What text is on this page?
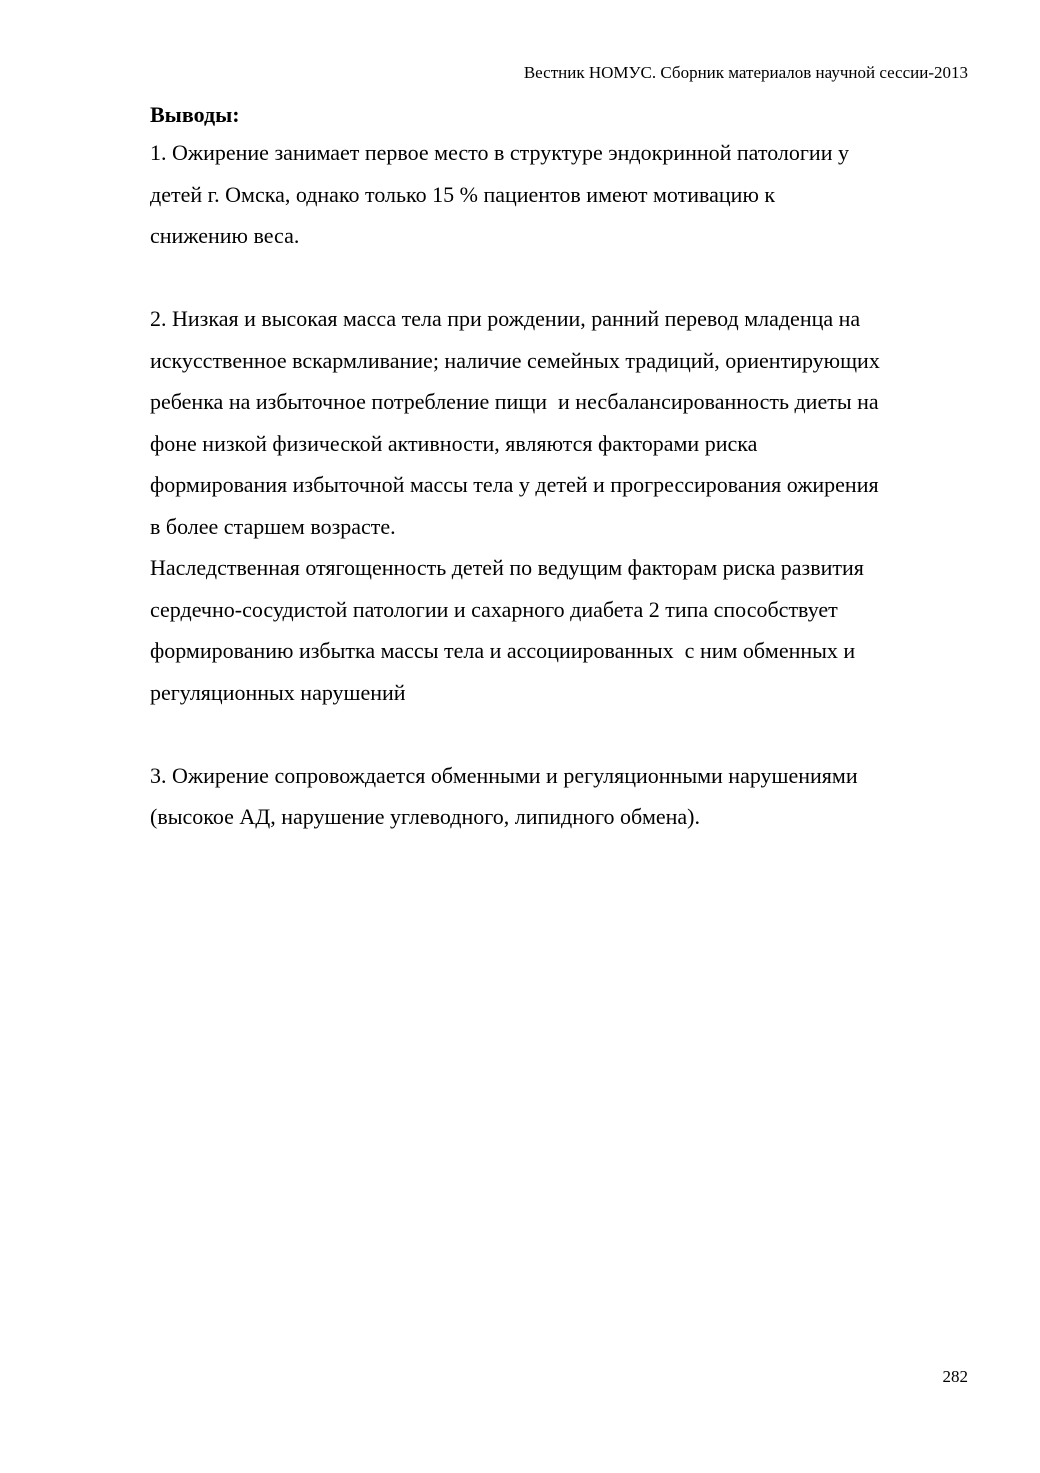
Вестник НОМУС. Сборник материалов научной сессии-2013

Выводы:

1. Ожирение занимает первое место в структуре эндокринной патологии у
детей г. Омска, однако только 15 % пациентов имеют мотивацию к
снижению веса.

2. Низкая и высокая масса тела при рождении, ранний перевод младенца на
искусственное вскармливание; наличие семейных традиций, ориентирующих
ребенка на избыточное потребление пищи  и несбалансированность диеты на
фоне низкой физической активности, являются факторами риска
формирования избыточной массы тела у детей и прогрессирования ожирения
в более старшем возрасте.

Наследственная отягощенность детей по ведущим факторам риска развития
сердечно-сосудистой патологии и сахарного диабета 2 типа способствует
формированию избытка массы тела и ассоциированных  с ним обменных и
регуляционных нарушений

3. Ожирение сопровождается обменными и регуляционными нарушениями
(высокое АД, нарушение углеводного, липидного обмена).

282
